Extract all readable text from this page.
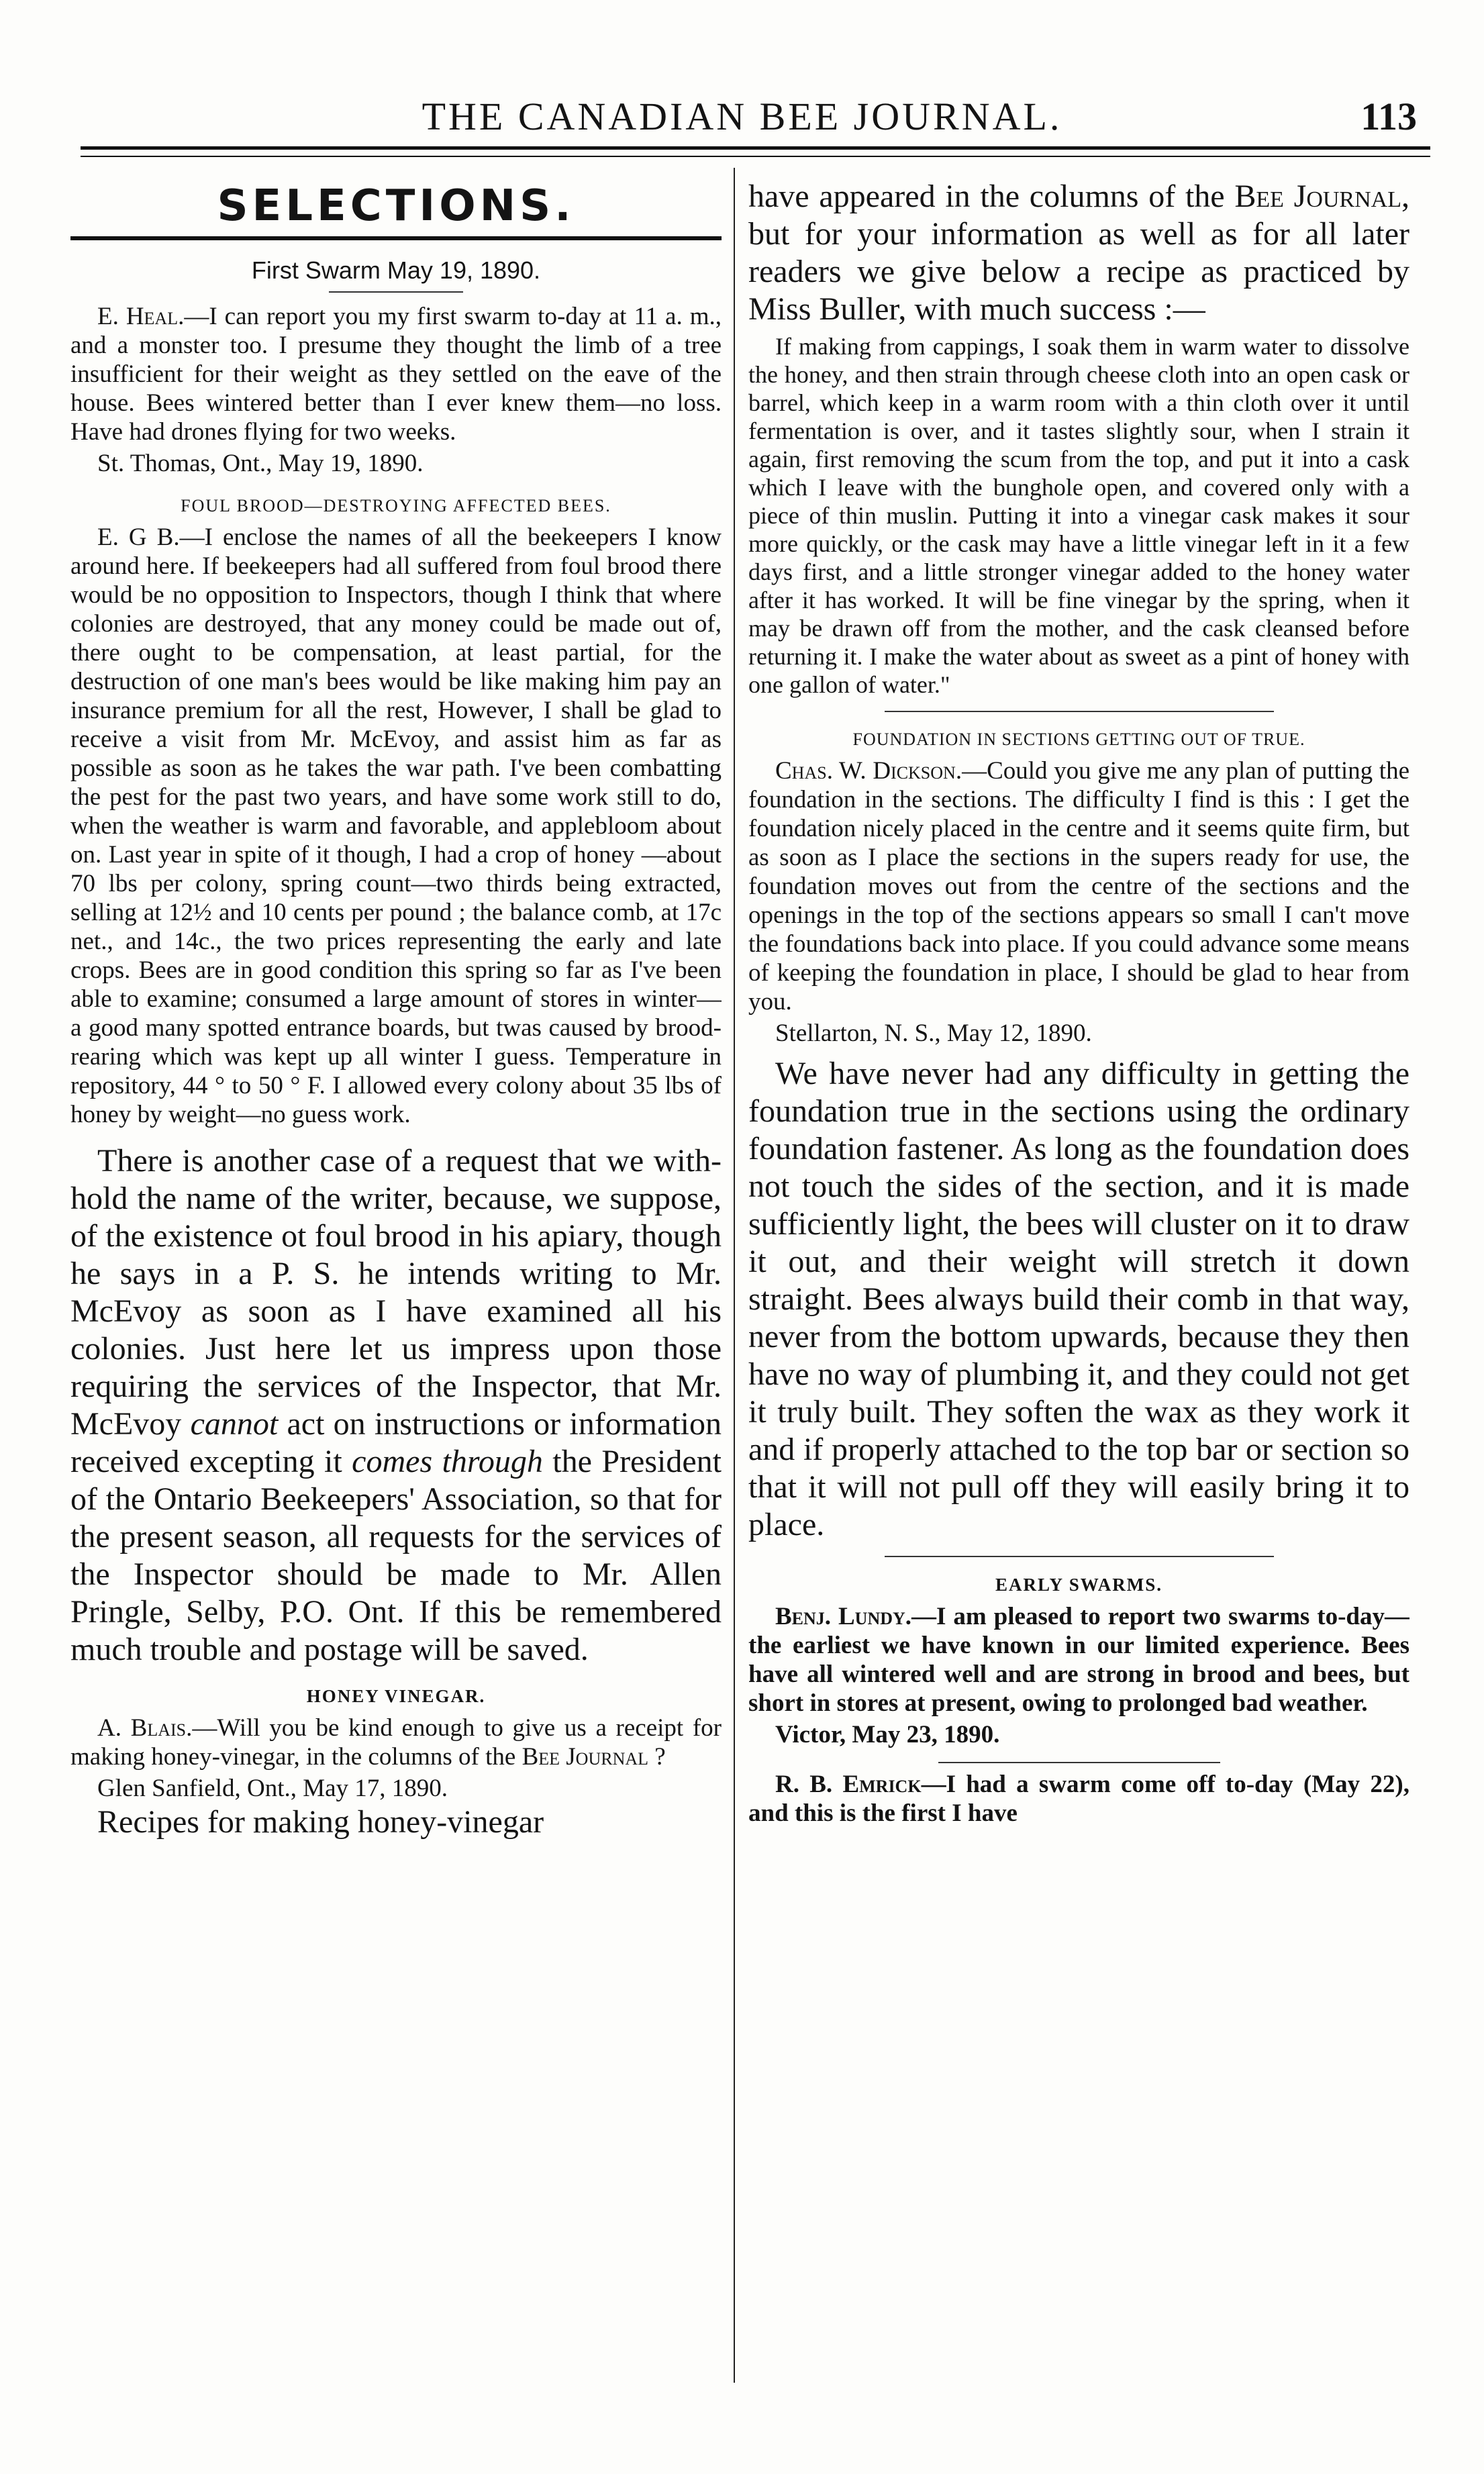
THE CANADIAN BEE JOURNAL.	113
SELECTIONS.
First Swarm May 19, 1890.

E. Heal.—I can report you my first swarm to-day at 11 a. m., and a monster too. I presume they thought the limb of a tree insufficient for their weight as they settled on the eave of the house. Bees wintered better than I ever knew them—no loss. Have had drones flying for two weeks.

St. Thomas, Ont., May 19, 1890.
FOUL BROOD—DESTROYING AFFECTED BEES.

E. G B.—I enclose the names of all the beekeepers I know around here. If beekeepers had all suffered from foul brood there would be no opposition to Inspectors, though I think that where colonies are destroyed, that any money could be made out of, there ought to be compensation, at least partial, for the destruction of one man's bees would be like making him pay an insurance premium for all the rest, However, I shall be glad to receive a visit from Mr. McEvoy, and assist him as far as possible as soon as he takes the war path. I've been combatting the pest for the past two years, and have some work still to do, when the weather is warm and favorable, and applebloom about on. Last year in spite of it though, I had a crop of honey —about 70 lbs per colony, spring count—two thirds being extracted, selling at 12½ and 10 cents per pound ; the balance comb, at 17c net., and 14c., the two prices representing the early and late crops. Bees are in good condition this spring so far as I've been able to examine; consumed a large amount of stores in winter— a good many spotted entrance boards, but twas caused by brood-rearing which was kept up all winter I guess. Temperature in repository, 44 ° to 50 ° F. I allowed every colony about 35 lbs of honey by weight—no guess work.

There is another case of a request that we with-hold the name of the writer, because, we suppose, of the existence ot foul brood in his apiary, though he says in a P. S. he intends writing to Mr. McEvoy as soon as I have examined all his colonies. Just here let us impress upon those requiring the services of the Inspector, that Mr. McEvoy cannot act on instructions or information received excepting it comes through the President of the Ontario Beekeepers' Association, so that for the present season, all requests for the services of the Inspector should be made to Mr. Allen Pringle, Selby, P.O. Ont. If this be remembered much trouble and postage will be saved.

HONEY VINEGAR.

A. Blais.—Will you be kind enough to give us a receipt for making honey-vinegar, in the columns of the Bee Journal ?

Glen Sanfield, Ont., May 17, 1890.

Recipes for making honey-vinegar

have appeared in the columns of the Bee Journal, but for your information as well as for all later readers we give below a recipe as practiced by Miss Buller, with much success :—

If making from cappings, I soak them in warm water to dissolve the honey, and then strain through cheese cloth into an open cask or barrel, which keep in a warm room with a thin cloth over it until fermentation is over, and it tastes slightly sour, when I strain it again, first removing the scum from the top, and put it into a cask which I leave with the bunghole open, and covered only with a piece of thin muslin. Putting it into a vinegar cask makes it sour more quickly, or the cask may have a little vinegar left in it a few days first, and a little stronger vinegar added to the honey water after it has worked. It will be fine vinegar by the spring, when it may be drawn off from the mother, and the cask cleansed before returning it. I make the water about as sweet as a pint of honey with one gallon of water."

FOUNDATION IN SECTIONS GETTING OUT OF TRUE.

Chas. W. Dickson.—Could you give me any plan of putting the foundation in the sections. The difficulty I find is this : I get the foundation nicely placed in the centre and it seems quite firm, but as soon as I place the sections in the supers ready for use, the foundation moves out from the centre of the sections and the openings in the top of the sections appears so small I can't move the foundations back into place. If you could advance some means of keeping the foundation in place, I should be glad to hear from you.

Stellarton, N. S., May 12, 1890.

We have never had any difficulty in getting the foundation true in the sections using the ordinary foundation fastener. As long as the foundation does not touch the sides of the section, and it is made sufficiently light, the bees will cluster on it to draw it out, and their weight will stretch it down straight. Bees always build their comb in that way, never from the bottom upwards, because they then have no way of plumbing it, and they could not get it truly built. They soften the wax as they work it and if properly attached to the top bar or section so that it will not pull off they will easily bring it to place.

EARLY SWARMS.

Benj. Lundy.—I am pleased to report two swarms to-day—the earliest we have known in our limited experience. Bees have all wintered well and are strong in brood and bees, but short in stores at present, owing to prolonged bad weather.

Victor, May 23, 1890.

R. B. Emrick—I had a swarm come off to-day (May 22), and this is the first I have
